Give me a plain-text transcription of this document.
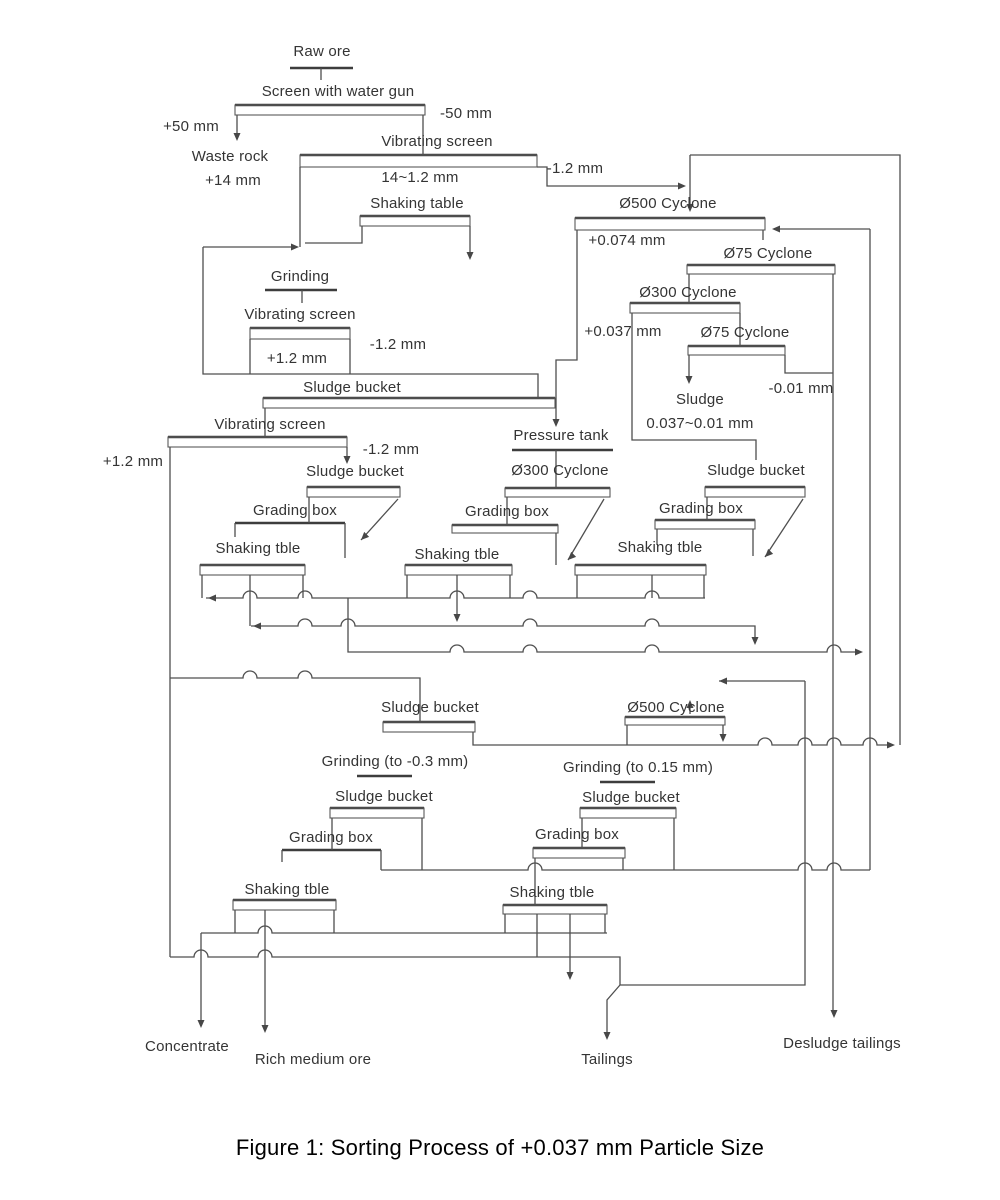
Raw ore
Screen with water gun
-50 mm
+50 mm
Waste rock
+14 mm
Vibrating screen
14~1.2 mm
-1.2 mm
Shaking table	Ø500 Cyclone
+0.074 mm
Ø75 Cyclone
Ø300 Cyclone
+0.037 mm	Ø75 Cyclone
Grinding
Vibrating screen
+1.2 mm
-1.2 mm
-0.01 mm
Sludge
0.037~0.01 mm
Sludge bucket
Pressure tank
Vibrating screen
-1.2 mm
+1.2 mm
Sludge bucket	Ø300 Cyclone	Sludge bucket
Grading box	Grading box	Grading box
Shaking tble	Shaking tble	Shaking tble
Sludge bucket	Ø500 Cyclone
Grinding (to -0.3 mm)	Grinding (to 0.15 mm)
Sludge bucket	Sludge bucket
Grading box	Grading box
Shaking tble	Shaking tble
Concentrate
Rich medium ore	Tailings
Desludge tailings
Figure 1: Sorting Process of +0.037 mm Particle Size
